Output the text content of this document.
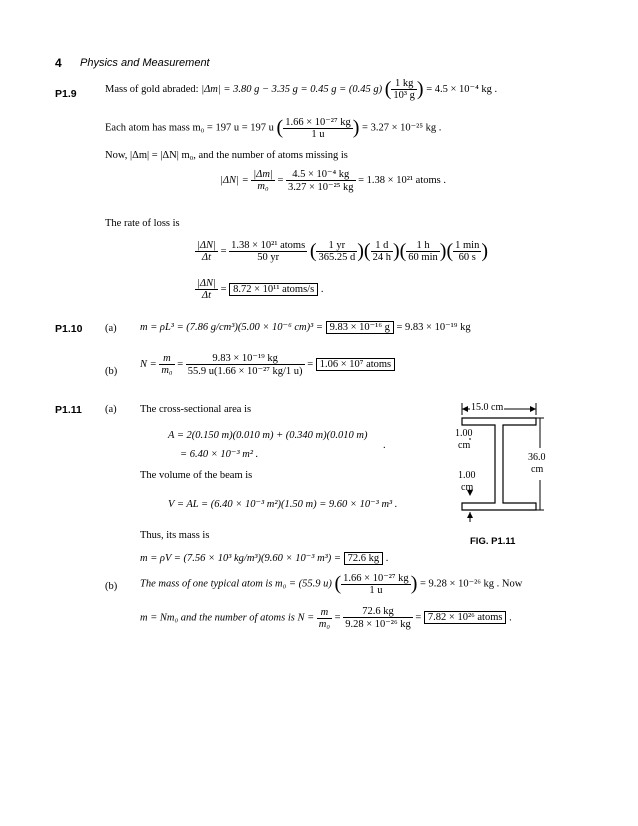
4 Physics and Measurement
P1.9	Mass of gold abraded: |Δm| = 3.80 g − 3.35 g = 0.45 g = (0.45 g) ( $\frac{1 kg}{\text{10³ g}}$ ) = 4.5 × 10⁻⁴ kg .
Each atom has mass m₀ = 197 u = 197 u ( $\frac{\text{1.66 × 10⁻²⁷ kg}}{1 u}$ ) = 3.27 × 10⁻²⁵ kg .
Now, |Δm| = |ΔN| m₀, and the number of atoms missing is
$|\Delta N| = \frac{|\Delta m|}{\text{m₀}} = \frac{\text{4.5 × 10⁻⁴ kg}}{\text{3.27 × 10⁻²⁵ kg}} = 1.38 \times 10^{21}$ atoms .
The rate of loss is
$\frac{|\Delta N|}{\Delta t} = \frac{\text{1.38 × 10²¹ atoms}}{50 yr}$ ( $\frac{1 yr}{365.25 d}$ )( $\frac{1 d}{24 h}$ )( $\frac{1 h}{60 \min}$ )( $\frac{1 \min}{60 s}$ )
$\frac{|\Delta N|}{\Delta t} = 8.72 \times 10^{11}$ atoms/s .
P1.10 (a) m = ρL³ = (7.86 g/cm³)(5.00 × 10⁻⁶ cm)³ = 9.83 × 10⁻¹⁶ g = 9.83 × 10⁻¹⁹ kg
(b)
$N = \frac{m}{\text{m₀}} = \frac{\text{9.83 × 10⁻¹⁹ kg}}{\text{55.9 u(1.66 × 10⁻²⁷ kg/1 u)}} = 1.06 \times 10^7$ atoms
P1.11 (a) The cross-sectional area is
A = 2(0.150 m)(0.010 m) + (0.340 m)(0.010 m)
= 6.40 × 10⁻³ m² .
.
The volume of the beam is
V = AL = (6.40 × 10⁻³ m²)(1.50 m) = 9.60 × 10⁻³ m³ .
Thus, its mass is
m = ρV = (7.56 × 10³ kg/m³)(9.60 × 10⁻³ m³) = 72.6 kg .
(b) The mass of one typical atom is m₀ = (55.9 u) ( $\frac{\text{1.66 × 10⁻²⁷ kg}}{1 u}$ ) = 9.28 × 10⁻²⁶ kg . Now
m = Nm₀ and the number of atoms is $N = \frac{m}{\text{m₀}} = \frac{72.6 kg}{\text{9.28 × 10⁻²⁶ kg}} = 7.82 \times 10^{26}$ atoms .
15.0 cm
1.00
cm
36.0
cm
1.00
cm
FIG. P1.11
